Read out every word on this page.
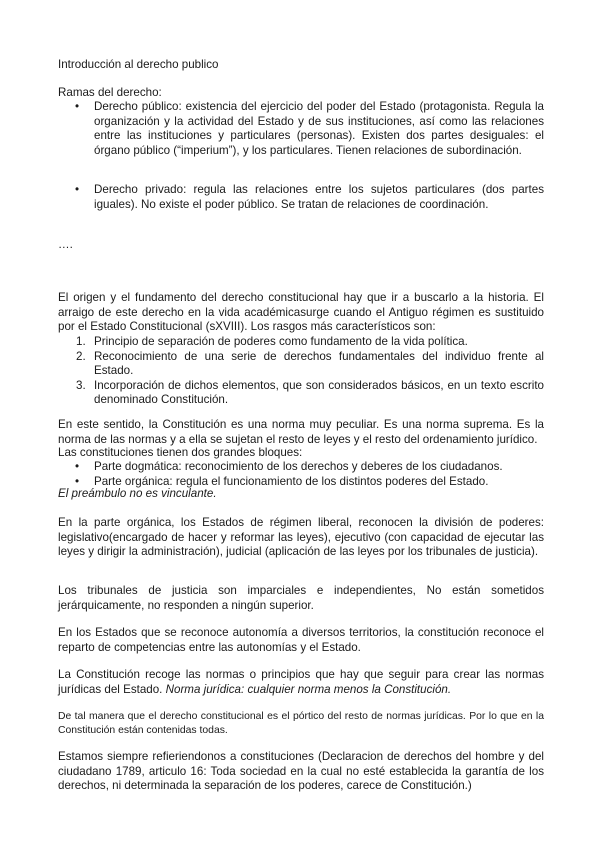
Introducción al derecho publico

Ramas del derecho:

• Derecho público: existencia del ejercicio del poder del Estado (protagonista. Regula la organización y la actividad del Estado y de sus instituciones, así como las relaciones entre las instituciones y particulares (personas). Existen dos partes desiguales: el órgano público (“imperium”), y los particulares. Tienen relaciones de subordinación.
• Derecho privado: regula las relaciones entre los sujetos particulares (dos partes iguales). No existe el poder público. Se tratan de relaciones de coordinación.

….

El origen y el fundamento del derecho constitucional hay que ir a buscarlo a la historia. El arraigo de este derecho en la vida académicasurge cuando el Antiguo régimen es sustituido por el Estado Constitucional (sXVIII). Los rasgos más característicos son:

1. Principio de separación de poderes como fundamento de la vida política.
2. Reconocimiento de una serie de derechos fundamentales del individuo frente al Estado.
3. Incorporación de dichos elementos, que son considerados básicos, en un texto escrito denominado Constitución.

En este sentido, la Constitución es una norma muy peculiar. Es una norma suprema. Es la norma de las normas y a ella se sujetan el resto de leyes y el resto del ordenamiento jurídico.

Las constituciones tienen dos grandes bloques:

• Parte dogmática: reconocimiento de los derechos y deberes de los ciudadanos.
• Parte orgánica: regula el funcionamiento de los distintos poderes del Estado.

El preámbulo no es vinculante.

En la parte orgánica, los Estados de régimen liberal, reconocen la división de poderes: legislativo(encargado de hacer y reformar las leyes), ejecutivo (con capacidad de ejecutar las leyes y dirigir la administración), judicial (aplicación de las leyes por los tribunales de justicia).

Los tribunales de justicia son imparciales e independientes, No están sometidos jerárquicamente, no responden a ningún superior.

En los Estados que se reconoce autonomía a diversos territorios, la constitución reconoce el reparto de competencias entre las autonomías y el Estado.

La Constitución recoge las normas o principios que hay que seguir para crear las normas jurídicas del Estado. Norma jurídica: cualquier norma menos la Constitución.

De tal manera que el derecho constitucional es el pórtico del resto de normas jurídicas. Por lo que en la Constitución están contenidas todas.

Estamos siempre refieriendonos a constituciones (Declaracion de derechos del hombre y del ciudadano 1789, articulo 16: Toda sociedad en la cual no esté establecida la garantía de los derechos, ni determinada la separación de los poderes, carece de Constitución.)
